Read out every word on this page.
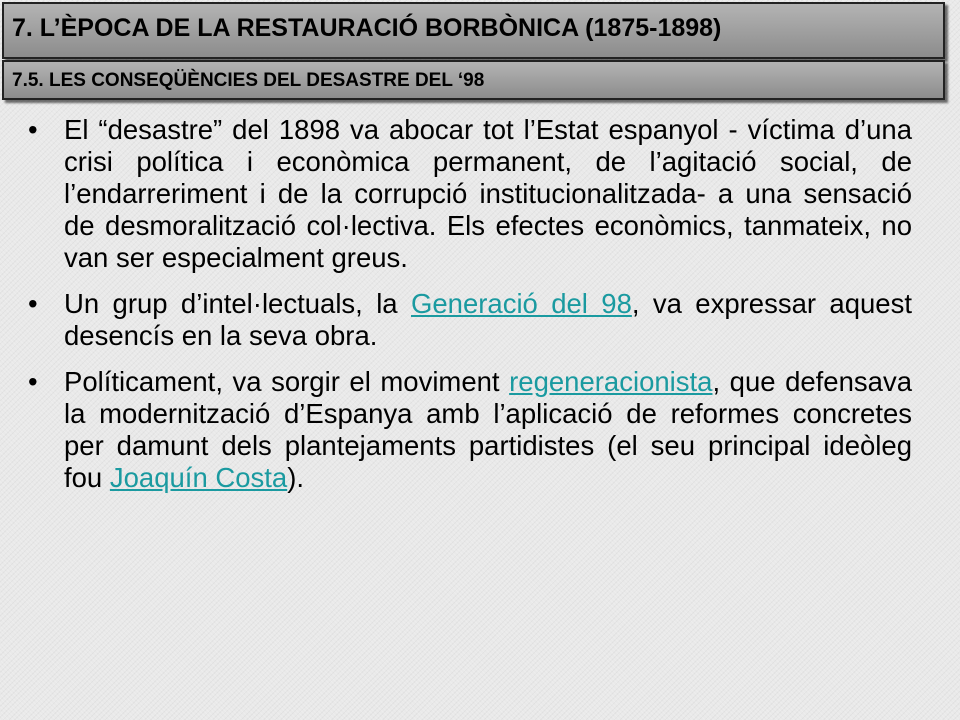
7. L’ÈPOCA DE LA RESTAURACIÓ BORBÒNICA (1875-1898)
7.5. LES CONSEQÜÈNCIES DEL DESASTRE DEL ‘98
• El “desastre” del 1898 va abocar tot l’Estat espanyol - víctima d’una crisi política i econòmica permanent, de l’agitació social, de l’endarreriment i de la corrupció institucionalitzada- a una sensació de desmoralització col·lectiva. Els efectes econòmics, tanmateix, no van ser especialment greus.
• Un grup d’intel·lectuals, la Generació del 98, va expressar aquest desencís en la seva obra.
• Políticament, va sorgir el moviment regeneracionista, que defensava la modernització d’Espanya amb l’aplicació de reformes concretes per damunt dels plantejaments partidistes (el seu principal ideòleg fou Joaquín Costa).
